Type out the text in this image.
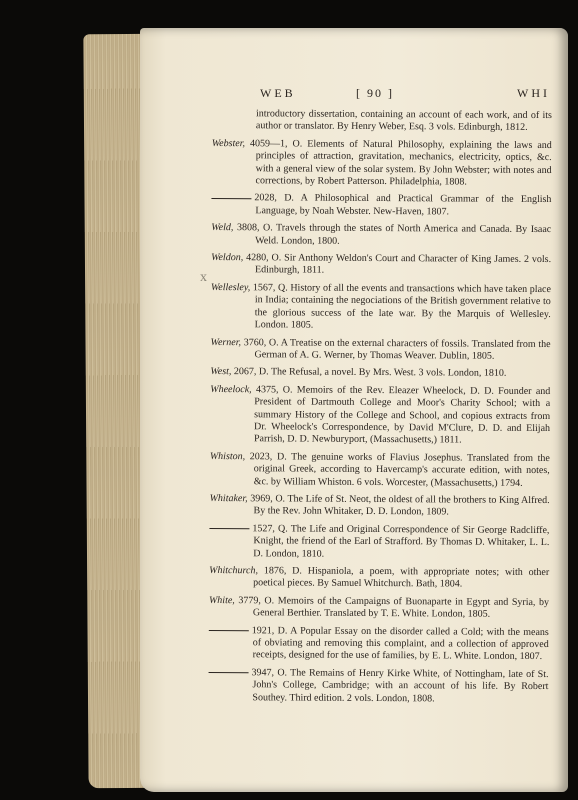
WEB	[ 90 ]	WHI
x
introductory dissertation, containing an account of each work, and of its author or translator. By Henry Weber, Esq. 3 vols. Edinburgh, 1812.
Webster, 4059—1, O. Elements of Natural Philosophy, explaining the laws and principles of attraction, gravitation, mechanics, electricity, optics, &c. with a general view of the solar system. By John Webster; with notes and corrections, by Robert Patterson. Philadelphia, 1808.
2028, D. A Philosophical and Practical Grammar of the English Language, by Noah Webster. New-Haven, 1807.
Weld, 3808, O. Travels through the states of North America and Canada. By Isaac Weld. London, 1800.
Weldon, 4280, O. Sir Anthony Weldon's Court and Character of King James. 2 vols. Edinburgh, 1811.
Wellesley, 1567, Q. History of all the events and transactions which have taken place in India; containing the negociations of the British government relative to the glorious success of the late war. By the Marquis of Wellesley. London. 1805.
Werner, 3760, O. A Treatise on the external characters of fossils. Translated from the German of A. G. Werner, by Thomas Weaver. Dublin, 1805.
West, 2067, D. The Refusal, a novel. By Mrs. West. 3 vols. London, 1810.
Wheelock, 4375, O. Memoirs of the Rev. Eleazer Wheelock, D. D. Founder and President of Dartmouth College and Moor's Charity School; with a summary History of the College and School, and copious extracts from Dr. Wheelock's Correspondence, by David M'Clure, D. D. and Elijah Parrish, D. D. Newburyport, (Massachusetts,) 1811.
Whiston, 2023, D. The genuine works of Flavius Josephus. Translated from the original Greek, according to Havercamp's accurate edition, with notes, &c. by William Whiston. 6 vols. Worcester, (Massachusetts,) 1794.
Whitaker, 3969, O. The Life of St. Neot, the oldest of all the brothers to King Alfred. By the Rev. John Whitaker, D. D. London, 1809.
1527, Q. The Life and Original Correspondence of Sir George Radcliffe, Knight, the friend of the Earl of Strafford. By Thomas D. Whitaker, L. L. D. London, 1810.
Whitchurch, 1876, D. Hispaniola, a poem, with appropriate notes; with other poetical pieces. By Samuel Whitchurch. Bath, 1804.
White, 3779, O. Memoirs of the Campaigns of Buonaparte in Egypt and Syria, by General Berthier. Translated by T. E. White. London, 1805.
1921, D. A Popular Essay on the disorder called a Cold; with the means of obviating and removing this complaint, and a collection of approved receipts, designed for the use of families, by E. L. White. London, 1807.
3947, O. The Remains of Henry Kirke White, of Nottingham, late of St. John's College, Cambridge; with an account of his life. By Robert Southey. Third edition. 2 vols. London, 1808.
